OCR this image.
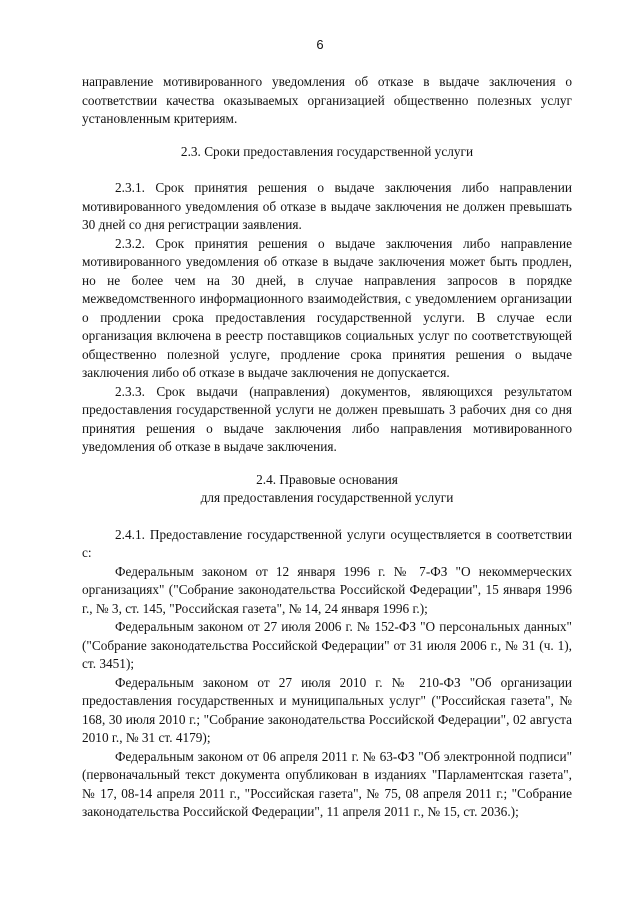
6

направление мотивированного уведомления об отказе в выдаче заключения о соответствии качества оказываемых организацией общественно полезных услуг установленным критериям.

2.3. Сроки предоставления государственной услуги

2.3.1. Срок принятия решения о выдаче заключения либо направлении мотивированного уведомления об отказе в выдаче заключения не должен превышать 30 дней со дня регистрации заявления.

2.3.2. Срок принятия решения о выдаче заключения либо направление мотивированного уведомления об отказе в выдаче заключения может быть продлен, но не более чем на 30 дней, в случае направления запросов в порядке межведомственного информационного взаимодействия, с уведомлением организации о продлении срока предоставления государственной услуги. В случае если организация включена в реестр поставщиков социальных услуг по соответствующей общественно полезной услуге, продление срока принятия решения о выдаче заключения либо об отказе в выдаче заключения не допускается.

2.3.3. Срок выдачи (направления) документов, являющихся результатом предоставления государственной услуги не должен превышать 3 рабочих дня со дня принятия решения о выдаче заключения либо направления мотивированного уведомления об отказе в выдаче заключения.

2.4. Правовые основания

для предоставления государственной услуги

2.4.1. Предоставление государственной услуги осуществляется в соответствии с:

Федеральным законом от 12 января 1996 г. № 7-ФЗ "О некоммерческих организациях" ("Собрание законодательства Российской Федерации", 15 января 1996 г., № 3, ст. 145, "Российская газета", № 14, 24 января 1996 г.);

Федеральным законом от 27 июля 2006 г. № 152-ФЗ "О персональных данных" ("Собрание законодательства Российской Федерации" от 31 июля 2006 г., № 31 (ч. 1), ст. 3451);

Федеральным законом от 27 июля 2010 г. № 210-ФЗ "Об организации предоставления государственных и муниципальных услуг" ("Российская газета", № 168, 30 июля 2010 г.; "Собрание законодательства Российской Федерации", 02 августа 2010 г., № 31 ст. 4179);

Федеральным законом от 06 апреля 2011 г. № 63-ФЗ "Об электронной подписи" (первоначальный текст документа опубликован в изданиях "Парламентская газета", № 17, 08-14 апреля 2011 г., "Российская газета", № 75, 08 апреля 2011 г.; "Собрание законодательства Российской Федерации", 11 апреля 2011 г., № 15, ст. 2036.);
